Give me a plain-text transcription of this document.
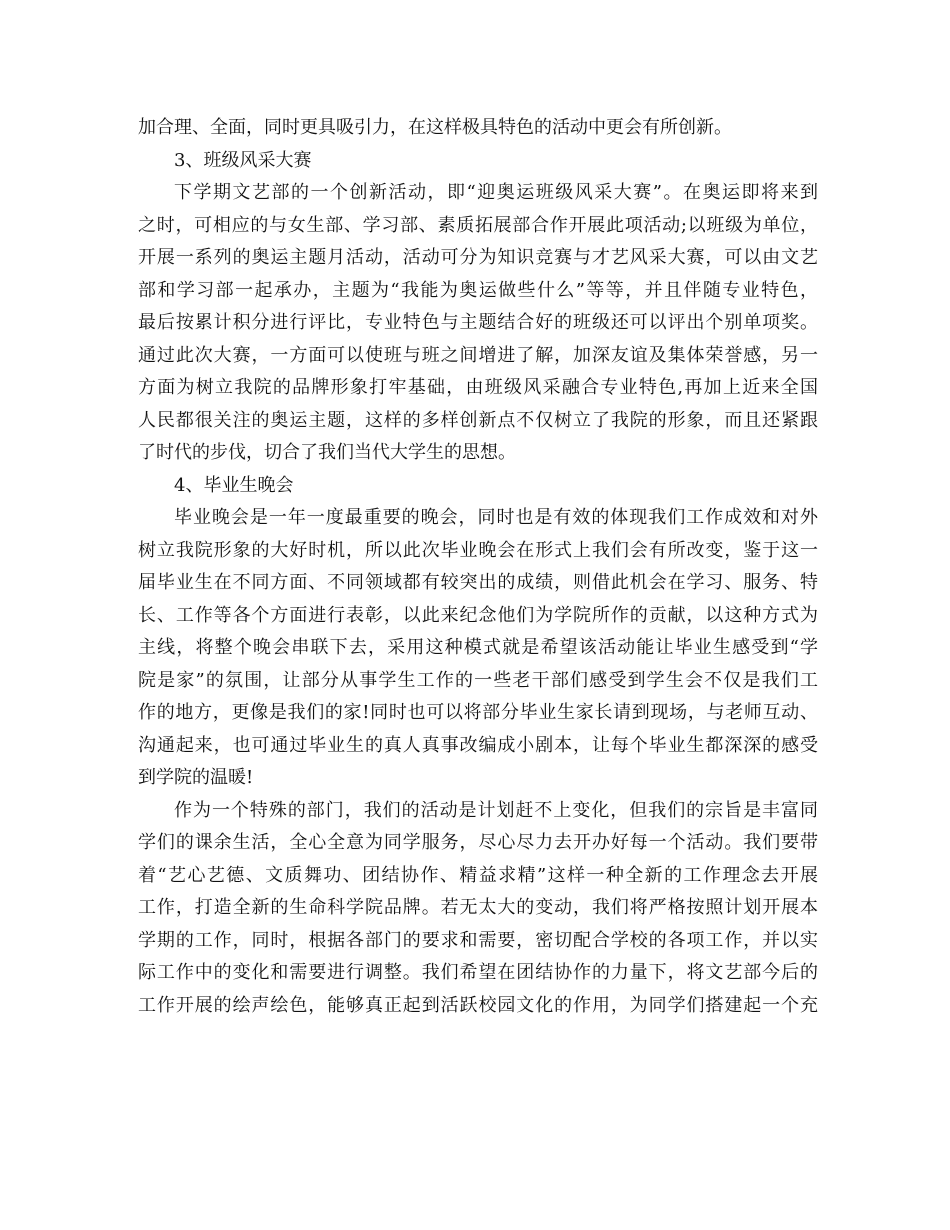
加合理、全面，同时更具吸引力，在这样极具特色的活动中更会有所创新。
3、班级风采大赛
下学期文艺部的一个创新活动，即“迎奥运班级风采大赛”。在奥运即将来到
之时，可相应的与女生部、学习部、素质拓展部合作开展此项活动;以班级为单位，
开展一系列的奥运主题月活动，活动可分为知识竞赛与才艺风采大赛，可以由文艺
部和学习部一起承办，主题为“我能为奥运做些什么”等等，并且伴随专业特色，
最后按累计积分进行评比，专业特色与主题结合好的班级还可以评出个别单项奖。
通过此次大赛，一方面可以使班与班之间增进了解，加深友谊及集体荣誉感，另一
方面为树立我院的品牌形象打牢基础，由班级风采融合专业特色,再加上近来全国
人民都很关注的奥运主题，这样的多样创新点不仅树立了我院的形象，而且还紧跟
了时代的步伐，切合了我们当代大学生的思想。
4、毕业生晚会
毕业晚会是一年一度最重要的晚会，同时也是有效的体现我们工作成效和对外
树立我院形象的大好时机，所以此次毕业晚会在形式上我们会有所改变，鉴于这一
届毕业生在不同方面、不同领域都有较突出的成绩，则借此机会在学习、服务、特
长、工作等各个方面进行表彰，以此来纪念他们为学院所作的贡献，以这种方式为
主线，将整个晚会串联下去，采用这种模式就是希望该活动能让毕业生感受到“学
院是家”的氛围，让部分从事学生工作的一些老干部们感受到学生会不仅是我们工
作的地方，更像是我们的家!同时也可以将部分毕业生家长请到现场，与老师互动、
沟通起来，也可通过毕业生的真人真事改编成小剧本，让每个毕业生都深深的感受
到学院的温暖!
作为一个特殊的部门，我们的活动是计划赶不上变化，但我们的宗旨是丰富同
学们的课余生活，全心全意为同学服务，尽心尽力去开办好每一个活动。我们要带
着“艺心艺德、文质舞功、团结协作、精益求精”这样一种全新的工作理念去开展
工作，打造全新的生命科学院品牌。若无太大的变动，我们将严格按照计划开展本
学期的工作，同时，根据各部门的要求和需要，密切配合学校的各项工作，并以实
际工作中的变化和需要进行调整。我们希望在团结协作的力量下，将文艺部今后的
工作开展的绘声绘色，能够真正起到活跃校园文化的作用，为同学们搭建起一个充
